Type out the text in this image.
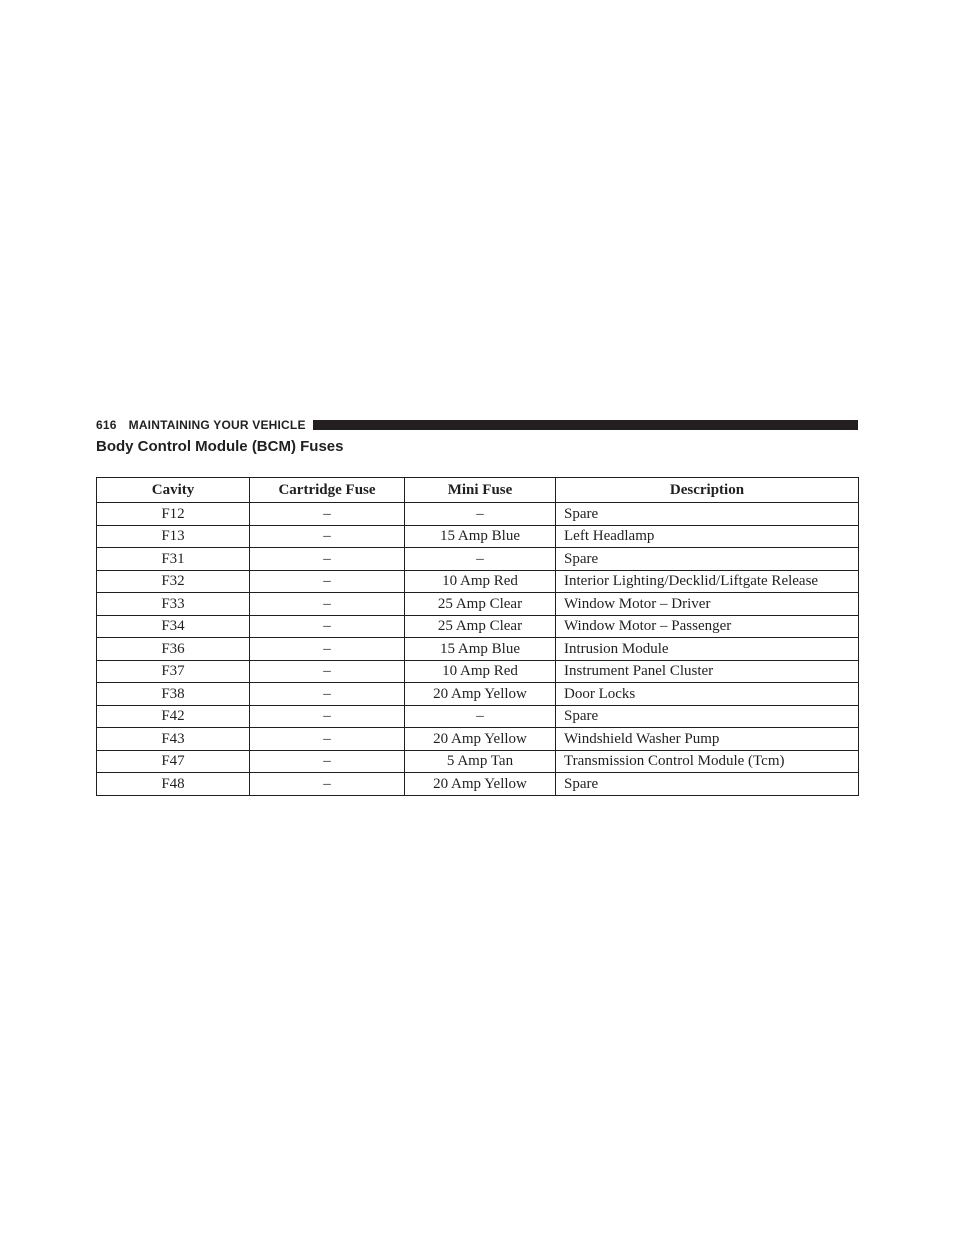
616 MAINTAINING YOUR VEHICLE
Body Control Module (BCM) Fuses
Cavity	Cartridge Fuse	Mini Fuse	Description
F12	–	–	Spare
F13	–	15 Amp Blue	Left Headlamp
F31	–	–	Spare
F32	–	10 Amp Red	Interior Lighting/Decklid/Liftgate Release
F33	–	25 Amp Clear	Window Motor – Driver
F34	–	25 Amp Clear	Window Motor – Passenger
F36	–	15 Amp Blue	Intrusion Module
F37	–	10 Amp Red	Instrument Panel Cluster
F38	–	20 Amp Yellow	Door Locks
F42	–	–	Spare
F43	–	20 Amp Yellow	Windshield Washer Pump
F47	–	5 Amp Tan	Transmission Control Module (Tcm)
F48	–	20 Amp Yellow	Spare
